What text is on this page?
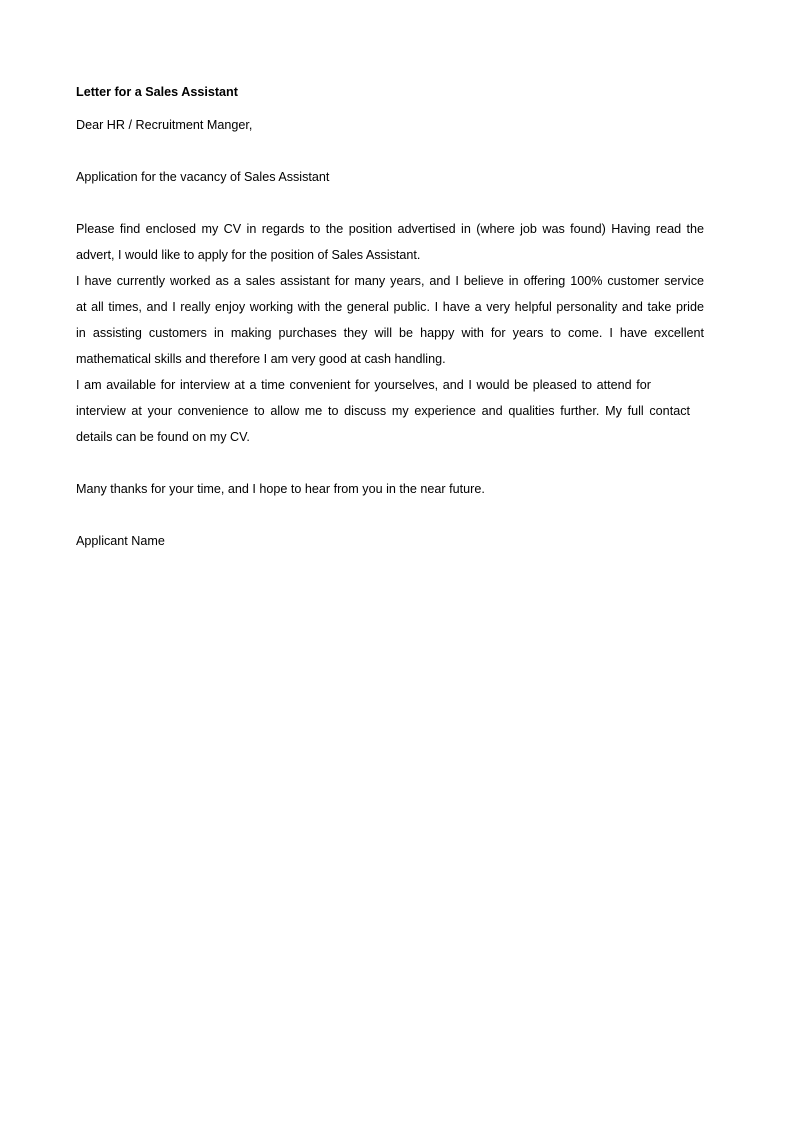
Letter for a Sales Assistant
Dear HR / Recruitment Manger,
Application for the vacancy of Sales Assistant
Please find enclosed my CV in regards to the position advertised in (where job was found) Having read the
advert, I would like to apply for the position of Sales Assistant.
I have currently worked as a sales assistant for many years, and I believe in offering 100% customer service
at all times, and I really enjoy working with the general public. I have a very helpful personality and take pride
in assisting customers in making purchases they will be happy with for years to come. I have excellent
mathematical skills and therefore I am very good at cash handling.
I am available for interview at a time convenient for yourselves, and I would be pleased to attend for
interview at your convenience to allow me to discuss my experience and qualities further. My full contact
details can be found on my CV.
Many thanks for your time, and I hope to hear from you in the near future.
Applicant Name
